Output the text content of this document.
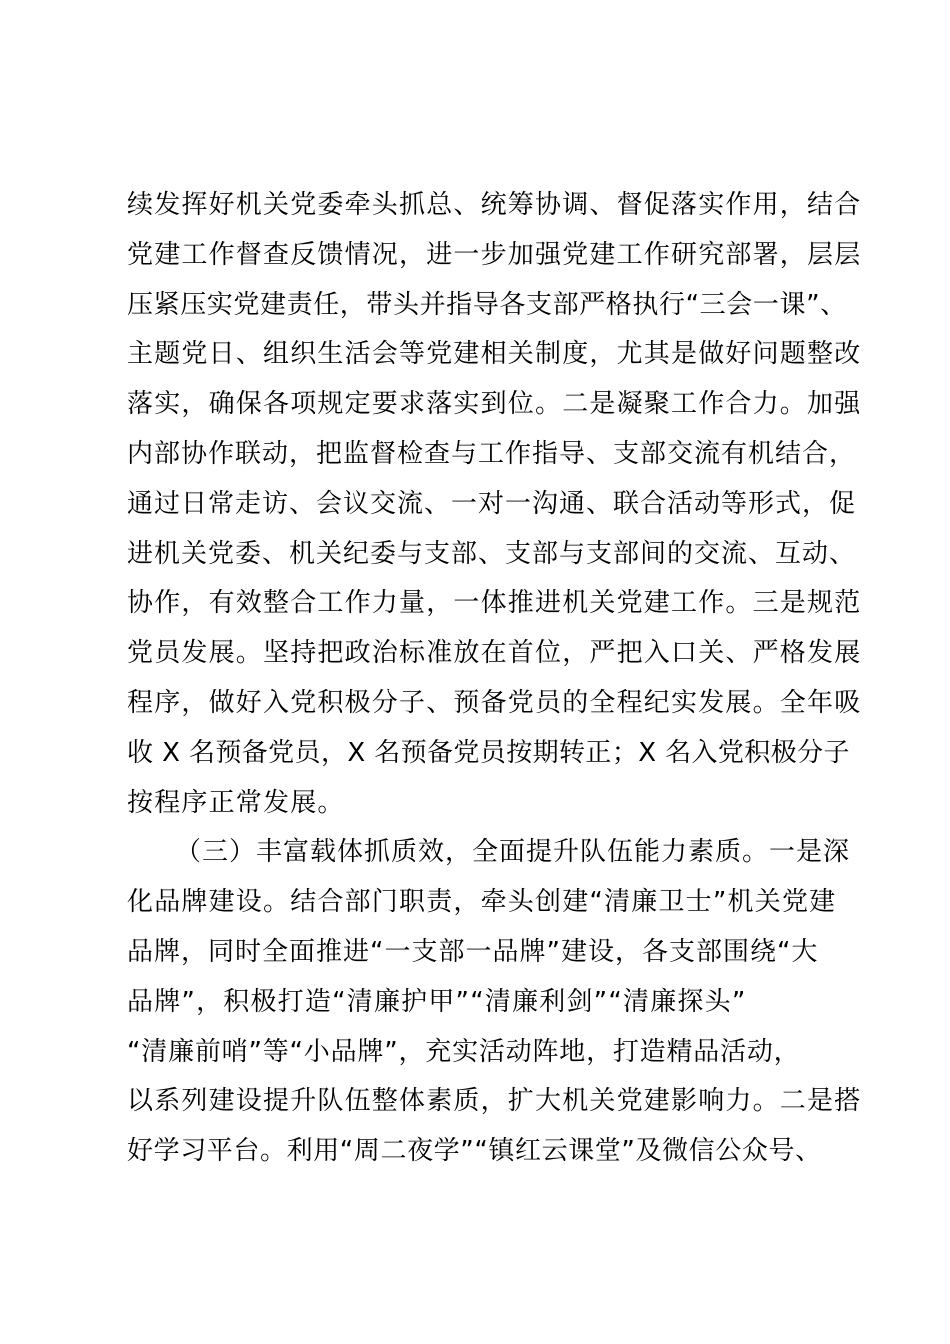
续发挥好机关党委牵头抓总、统筹协调、督促落实作用，结合
党建工作督查反馈情况，进一步加强党建工作研究部署，层层
压紧压实党建责任，带头并指导各支部严格执行“三会一课”、
主题党日、组织生活会等党建相关制度，尤其是做好问题整改
落实，确保各项规定要求落实到位。二是凝聚工作合力。加强
内部协作联动，把监督检查与工作指导、支部交流有机结合，
通过日常走访、会议交流、一对一沟通、联合活动等形式，促
进机关党委、机关纪委与支部、支部与支部间的交流、互动、
协作，有效整合工作力量，一体推进机关党建工作。三是规范
党员发展。坚持把政治标准放在首位，严把入口关、严格发展
程序，做好入党积极分子、预备党员的全程纪实发展。全年吸
收 X 名预备党员，X 名预备党员按期转正；X 名入党积极分子
按程序正常发展。
（三）丰富载体抓质效，全面提升队伍能力素质。一是深
化品牌建设。结合部门职责，牵头创建“清廉卫士”机关党建
品牌，同时全面推进“一支部一品牌”建设，各支部围绕“大
品牌”，积极打造“清廉护甲”“清廉利剑”“清廉探头”
“清廉前哨”等“小品牌”，充实活动阵地，打造精品活动，
以系列建设提升队伍整体素质，扩大机关党建影响力。二是搭
好学习平台。利用“周二夜学”“镇红云课堂”及微信公众号、
